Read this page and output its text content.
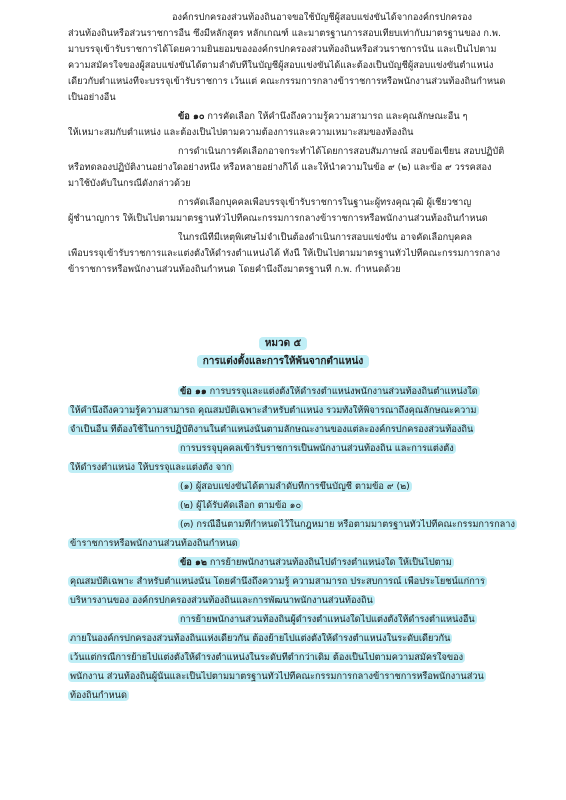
องค์กรปกครองส่วนท้องถิ่นอาจขอใช้บัญชีผู้สอบแข่งขันได้จากองค์กรปกครอง
ส่วนท้องถิ่นหรือส่วนราชการอื่น ซึ่งมีหลักสูตร หลักเกณฑ์ และมาตรฐานการสอบเทียบเท่ากับมาตรฐานของ ก.พ.
มาบรรจุเข้ารับราชการได้โดยความยินยอมขององค์กรปกครองส่วนท้องถิ่นหรือส่วนราชการนั้น และเป็นไปตาม
ความสมัครใจของผู้สอบแข่งขันได้ตามลำดับที่ในบัญชีผู้สอบแข่งขันได้และต้องเป็นบัญชีผู้สอบแข่งขันตำแหน่ง
เดียวกับตำแหน่งที่จะบรรจุเข้ารับราชการ เว้นแต่ คณะกรรมการกลางข้าราชการหรือพนักงานส่วนท้องถิ่นกำหนด
เป็นอย่างอื่น
ข้อ ๑๐ การคัดเลือก ให้คำนึงถึงความรู้ความสามารถ และคุณลักษณะอื่น ๆ
ให้เหมาะสมกับตำแหน่ง และต้องเป็นไปตามความต้องการและความเหมาะสมของท้องถิ่น
การดำเนินการคัดเลือกอาจกระทำได้โดยการสอบสัมภาษณ์ สอบข้อเขียน สอบปฏิบัติ
หรือทดลองปฏิบัติงานอย่างใดอย่างหนึ่ง หรือหลายอย่างก็ได้ และให้นำความในข้อ ๙ (๒) และข้อ ๙ วรรคสอง
มาใช้บังคับในกรณีดังกล่าวด้วย
การคัดเลือกบุคคลเพื่อบรรจุเข้ารับราชการในฐานะผู้ทรงคุณวุฒิ ผู้เชี่ยวชาญ
ผู้ชำนาญการ ให้เป็นไปตามมาตรฐานทั่วไปที่คณะกรรมการกลางข้าราชการหรือพนักงานส่วนท้องถิ่นกำหนด
ในกรณีที่มีเหตุพิเศษไม่จำเป็นต้องดำเนินการสอบแข่งขัน อาจคัดเลือกบุคคล
เพื่อบรรจุเข้ารับราชการและแต่งตั้งให้ดำรงตำแหน่งได้ ทั้งนี้ ให้เป็นไปตามมาตรฐานทั่วไปที่คณะกรรมการกลาง
ข้าราชการหรือพนักงานส่วนท้องถิ่นกำหนด โดยคำนึงถึงมาตรฐานที่ ก.พ. กำหนดด้วย
หมวด ๕
การแต่งตั้งและการให้พ้นจากตำแหน่ง
ข้อ ๑๑ การบรรจุและแต่งตั้งให้ดำรงตำแหน่งพนักงานส่วนท้องถิ่นตำแหน่งใด
ให้คำนึงถึงความรู้ความสามารถ คุณสมบัติเฉพาะสำหรับตำแหน่ง รวมทั้งให้พิจารณาถึงคุณลักษณะความ
จำเป็นอื่น ที่ต้องใช้ในการปฏิบัติงานในตำแหน่งนั้นตามลักษณะงานของแต่ละองค์กรปกครองส่วนท้องถิ่น
การบรรจุบุคคลเข้ารับราชการเป็นพนักงานส่วนท้องถิ่น และการแต่งตั้ง
ให้ดำรงตำแหน่ง ให้บรรจุและแต่งตั้ง จาก
(๑) ผู้สอบแข่งขันได้ตามลำดับที่การขึ้นบัญชี ตามข้อ ๙ (๒)
(๒) ผู้ได้รับคัดเลือก ตามข้อ ๑๐
(๓) กรณีอื่นตามที่กำหนดไว้ในกฎหมาย หรือตามมาตรฐานทั่วไปที่คณะกรรมการกลาง
ข้าราชการหรือพนักงานส่วนท้องถิ่นกำหนด
ข้อ ๑๒ การย้ายพนักงานส่วนท้องถิ่นไปดำรงตำแหน่งใด ให้เป็นไปตาม
คุณสมบัติเฉพาะ สำหรับตำแหน่งนั้น โดยคำนึงถึงความรู้ ความสามารถ ประสบการณ์ เพื่อประโยชน์แก่การ
บริหารงานของ องค์กรปกครองส่วนท้องถิ่นและการพัฒนาพนักงานส่วนท้องถิ่น
การย้ายพนักงานส่วนท้องถิ่นผู้ดำรงตำแหน่งใดไปแต่งตั้งให้ดำรงตำแหน่งอื่น
ภายในองค์กรปกครองส่วนท้องถิ่นแห่งเดียวกัน ต้องย้ายไปแต่งตั้งให้ดำรงตำแหน่งในระดับเดียวกัน
เว้นแต่กรณีการย้ายไปแต่งตั้งให้ดำรงตำแหน่งในระดับที่ต่ำกว่าเดิม ต้องเป็นไปตามความสมัครใจของ
พนักงาน ส่วนท้องถิ่นผู้นั้นและเป็นไปตามมาตรฐานทั่วไปที่คณะกรรมการกลางข้าราชการหรือพนักงานส่วน
ท้องถิ่นกำหนด
